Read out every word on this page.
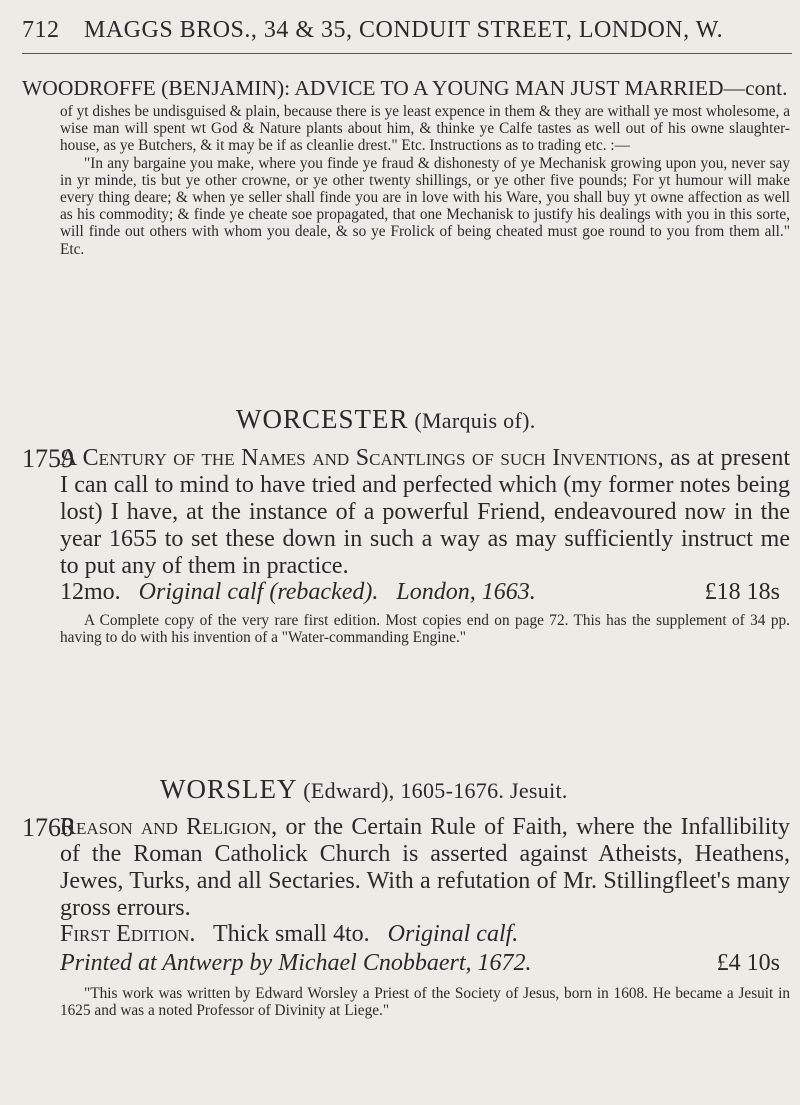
712 MAGGS BROS., 34 & 35, CONDUIT STREET, LONDON, W.
WOODROFFE (BENJAMIN): ADVICE TO A YOUNG MAN JUST MARRIED—cont.

of yt dishes be undisguised & plain, because there is ye least expence in them & they are withall ye most wholesome, a wise man will spent wt God & Nature plants about him, & thinke ye Calfe tastes as well out of his owne slaughter-house, as ye Butchers, & it may be if as cleanlie drest." Etc. Instructions as to trading etc. :—

"In any bargaine you make, where you finde ye fraud & dishonesty of ye Mechanisk growing upon you, never say in yr minde, tis but ye other crowne, or ye other twenty shillings, or ye other five pounds; For yt humour will make every thing deare; & when ye seller shall finde you are in love with his Ware, you shall buy yt owne affection as well as his commodity; & finde ye cheate soe propagated, that one Mechanisk to justify his dealings with you in this sorte, will finde out others with whom you deale, & so ye Frolick of being cheated must goe round to you from them all." Etc.

WORCESTER (Marquis of).
1759
A Century of the Names and Scantlings of such Inventions, as at present I can call to mind to have tried and perfected which (my former notes being lost) I have, at the instance of a powerful Friend, endeavoured now in the year 1655 to set these down in such a way as may sufficiently instruct me to put any of them in practice.
12mo. Original calf (rebacked). London, 1663.	£18 18s
A Complete copy of the very rare first edition. Most copies end on page 72. This has the supplement of 34 pp. having to do with his invention of a "Water-commanding Engine."
WORSLEY (Edward), 1605-1676. Jesuit.
1760
Reason and Religion, or the Certain Rule of Faith, where the Infallibility of the Roman Catholick Church is asserted against Atheists, Heathens, Jewes, Turks, and all Sectaries. With a refutation of Mr. Stillingfleet's many gross errours.
First Edition. Thick small 4to. Original calf.
Printed at Antwerp by Michael Cnobbaert, 1672.	£4 10s
"This work was written by Edward Worsley a Priest of the Society of Jesus, born in 1608. He became a Jesuit in 1625 and was a noted Professor of Divinity at Liege."
